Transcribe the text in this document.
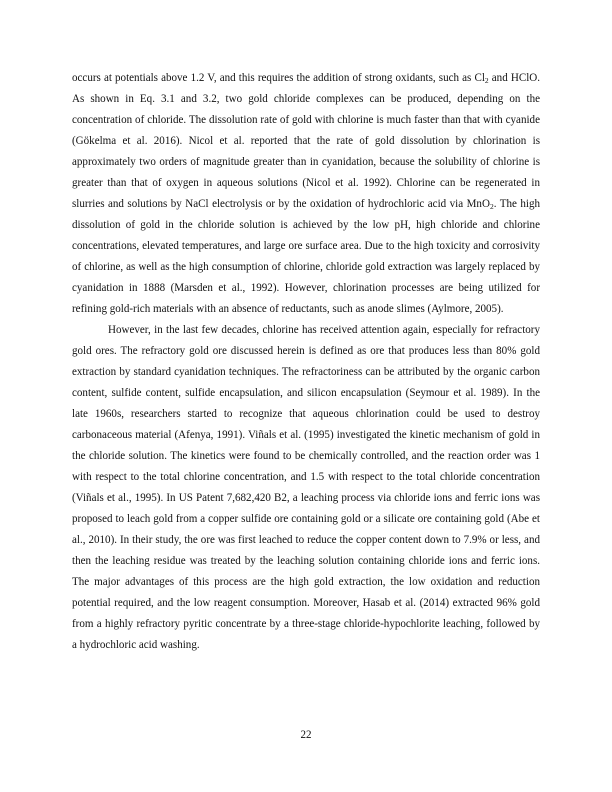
occurs at potentials above 1.2 V, and this requires the addition of strong oxidants, such as $Cl_2$ and HClO. As shown in Eq. 3.1 and 3.2, two gold chloride complexes can be produced, depending on the concentration of chloride. The dissolution rate of gold with chlorine is much faster than that with cyanide (Gökelma et al. 2016). Nicol et al. reported that the rate of gold dissolution by chlorination is approximately two orders of magnitude greater than in cyanidation, because the solubility of chlorine is greater than that of oxygen in aqueous solutions (Nicol et al. 1992). Chlorine can be regenerated in slurries and solutions by NaCl electrolysis or by the oxidation of hydrochloric acid via MnO$_2$. The high dissolution of gold in the chloride solution is achieved by the low pH, high chloride and chlorine concentrations, elevated temperatures, and large ore surface area. Due to the high toxicity and corrosivity of chlorine, as well as the high consumption of chlorine, chloride gold extraction was largely replaced by cyanidation in 1888 (Marsden et al., 1992). However, chlorination processes are being utilized for refining gold-rich materials with an absence of reductants, such as anode slimes (Aylmore, 2005).

However, in the last few decades, chlorine has received attention again, especially for refractory gold ores. The refractory gold ore discussed herein is defined as ore that produces less than 80% gold extraction by standard cyanidation techniques. The refractoriness can be attributed by the organic carbon content, sulfide content, sulfide encapsulation, and silicon encapsulation (Seymour et al. 1989). In the late 1960s, researchers started to recognize that aqueous chlorination could be used to destroy carbonaceous material (Afenya, 1991). Viñals et al. (1995) investigated the kinetic mechanism of gold in the chloride solution. The kinetics were found to be chemically controlled, and the reaction order was 1 with respect to the total chlorine concentration, and 1.5 with respect to the total chloride concentration (Viñals et al., 1995). In US Patent 7,682,420 B2, a leaching process via chloride ions and ferric ions was proposed to leach gold from a copper sulfide ore containing gold or a silicate ore containing gold (Abe et al., 2010). In their study, the ore was first leached to reduce the copper content down to 7.9% or less, and then the leaching residue was treated by the leaching solution containing chloride ions and ferric ions. The major advantages of this process are the high gold extraction, the low oxidation and reduction potential required, and the low reagent consumption. Moreover, Hasab et al. (2014) extracted 96% gold from a highly refractory pyritic concentrate by a three-stage chloride-hypochlorite leaching, followed by a hydrochloric acid washing.

22
